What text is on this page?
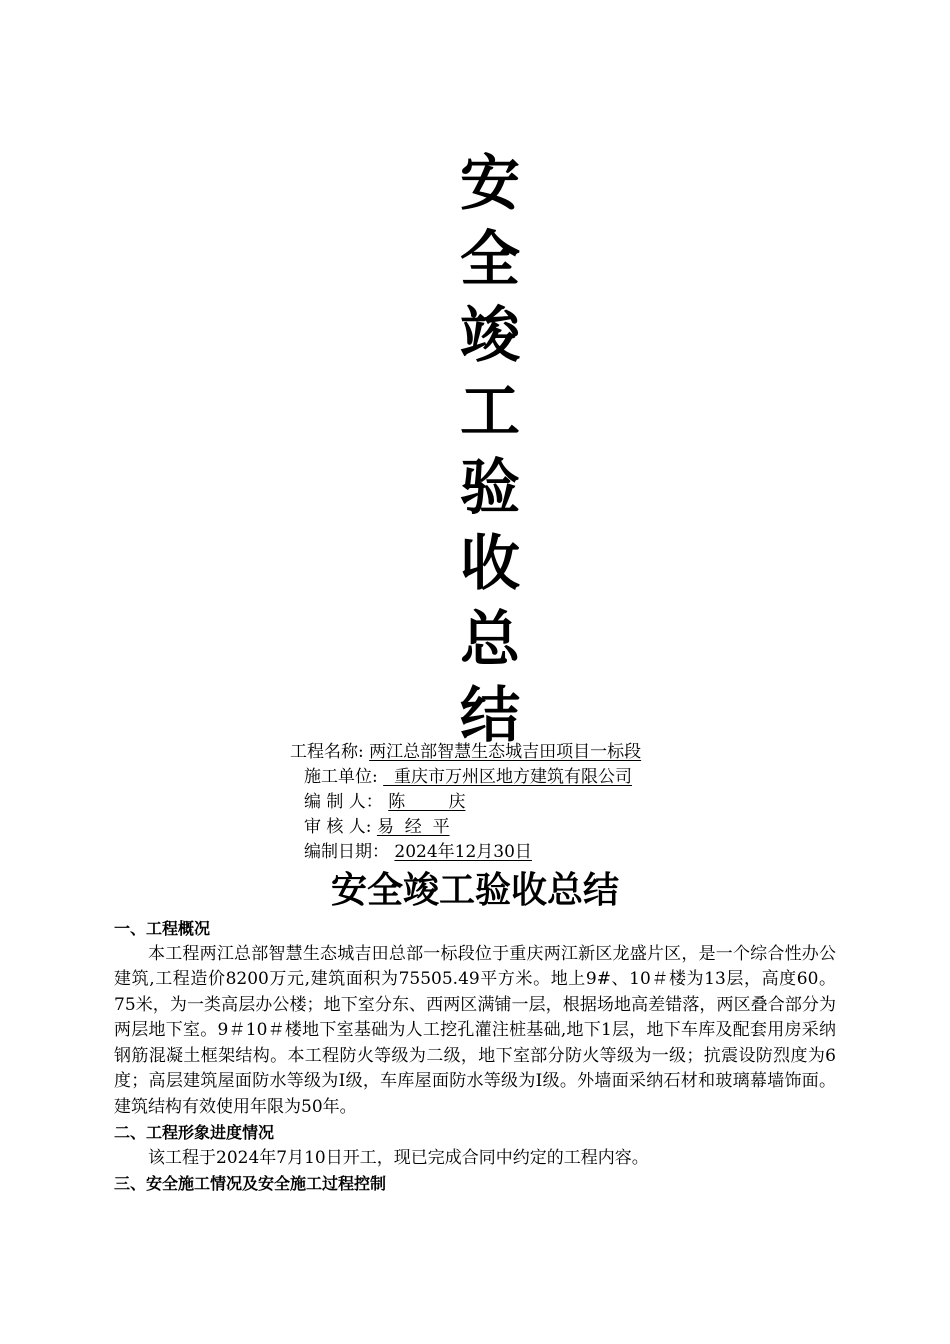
安
全
竣
工
验
收
总
结
工程名称: 两江总部智慧生态城吉田项目一标段
施工单位:   重庆市万州区地方建筑有限公司
编 制 人： 陈        庆
审 核 人: 易  经  平
编制日期： 2024年12月30日
安全竣工验收总结
一、工程概况

本工程两江总部智慧生态城吉田总部一标段位于重庆两江新区龙盛片区，是一个综合性办公建筑,工程造价8200万元,建筑面积为75505.49平方米。地上9#、10＃楼为13层，高度60。75米，为一类高层办公楼；地下室分东、西两区满铺一层，根据场地高差错落，两区叠合部分为两层地下室。9＃10＃楼地下室基础为人工挖孔灌注桩基础,地下1层，地下车库及配套用房采纳钢筋混凝土框架结构。本工程防火等级为二级，地下室部分防火等级为一级；抗震设防烈度为6度；高层建筑屋面防水等级为Ⅰ级，车库屋面防水等级为Ⅰ级。外墙面采纳石材和玻璃幕墙饰面。建筑结构有效使用年限为50年。

二、工程形象进度情况

该工程于2024年7月10日开工，现已完成合同中约定的工程内容。

三、安全施工情况及安全施工过程控制
